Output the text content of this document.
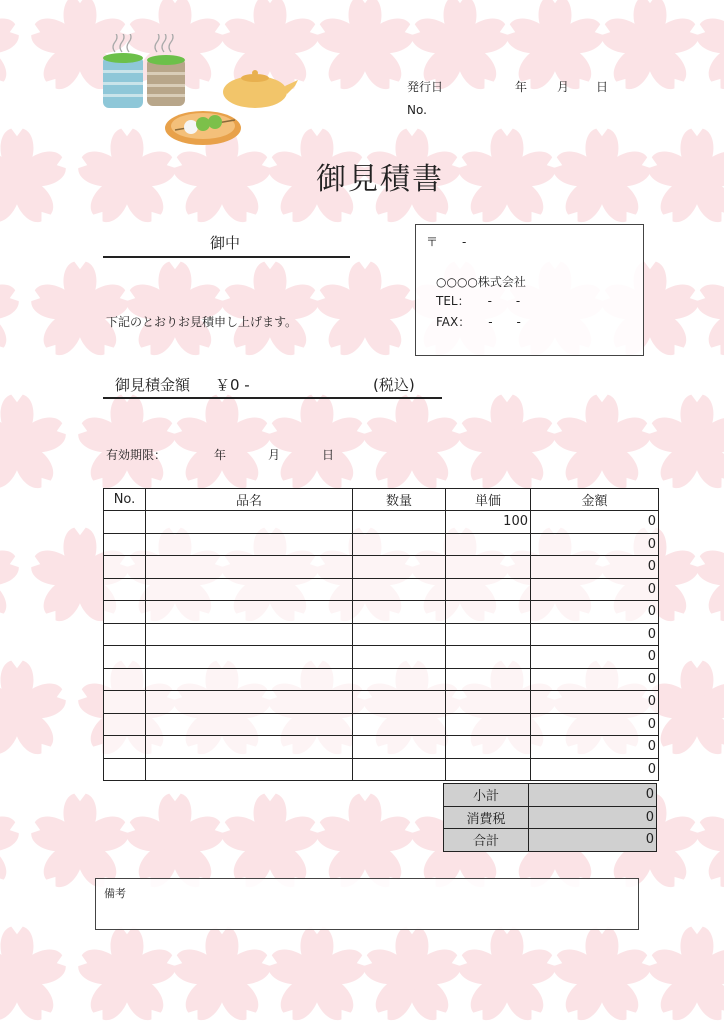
発行日	年 月 日
No.
御見積書
御中
下記のとおりお見積申し上げます。
〒　　-
○○○○株式会社
TEL：　　-　　-
FAX：　　-　　-
御見積金額 ￥0 -	(税込)
有効期限：	年	月	日
No.	品名	数量	単価	金額
			100	0
				0
				0
				0
				0
				0
				0
				0
				0
				0
				0
				0
小計	0
消費税	0
合計	0
備考
